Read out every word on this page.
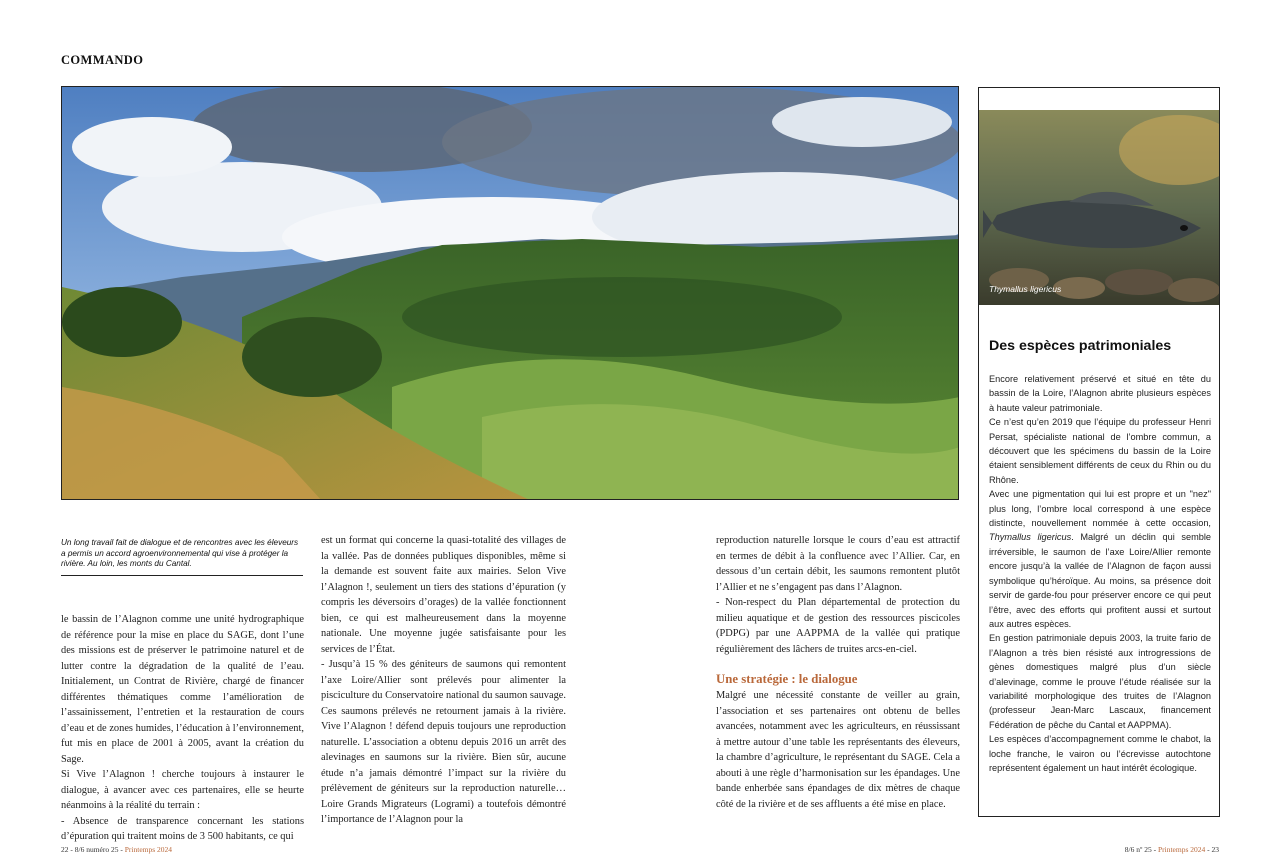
COMMANDO
Un long travail fait de dialogue et de rencontres avec les éleveurs a permis un accord agroenvironnemental qui vise à protéger la rivière. Au loin, les monts du Cantal.

le bassin de l’Alagnon comme une unité hydrographique de référence pour la mise en place du SAGE, dont l’une des missions est de préserver le patrimoine naturel et de lutter contre la dégradation de la qualité de l’eau. Initialement, un Contrat de Rivière, chargé de financer différentes thématiques comme l’amélioration de l’assainissement, l’entretien et la restauration de cours d’eau et de zones humides, l’éducation à l’environnement, fut mis en place de 2001 à 2005, avant la création du Sage.

Si Vive l’Alagnon ! cherche toujours à instaurer le dialogue, à avancer avec ces partenaires, elle se heurte néanmoins à la réalité du terrain :

- Absence de transparence concernant les stations d’épuration qui traitent moins de 3 500 habitants, ce qui

est un format qui concerne la quasi-totalité des villages de la vallée. Pas de données publiques disponibles, même si la demande est souvent faite aux mairies. Selon Vive l’Alagnon !, seulement un tiers des stations d’épuration (y compris les déversoirs d’orages) de la vallée fonctionnent bien, ce qui est malheureusement dans la moyenne nationale. Une moyenne jugée satisfaisante pour les services de l’État.

- Jusqu’à 15 % des géniteurs de saumons qui remontent l’axe Loire/Allier sont prélevés pour alimenter la pisciculture du Conservatoire national du saumon sauvage. Ces saumons prélevés ne retournent jamais à la rivière. Vive l’Alagnon ! défend depuis toujours une reproduction naturelle. L’association a obtenu depuis 2016 un arrêt des alevinages en saumons sur la rivière. Bien sûr, aucune étude n’a jamais démontré l’impact sur la rivière du prélèvement de géniteurs sur la reproduction naturelle… Loire Grands Migrateurs (Logrami) a toutefois démontré l’importance de l’Alagnon pour la

reproduction naturelle lorsque le cours d’eau est attractif en termes de débit à la confluence avec l’Allier. Car, en dessous d’un certain débit, les saumons remontent plutôt l’Allier et ne s’engagent pas dans l’Alagnon.

- Non-respect du Plan départemental de protection du milieu aquatique et de gestion des ressources piscicoles (PDPG) par une AAPPMA de la vallée qui pratique régulièrement des lâchers de truites arcs-en-ciel.

Une stratégie : le dialogue

Malgré une nécessité constante de veiller au grain, l’association et ses partenaires ont obtenu de belles avancées, notamment avec les agriculteurs, en réussissant à mettre autour d’une table les représentants des éleveurs, la chambre d’agriculture, le représentant du SAGE. Cela a abouti à une règle d’harmonisation sur les épandages. Une bande enherbée sans épandages de dix mètres de chaque côté de la rivière et de ses affluents a été mise en place.

Thymallus ligericus
Des espèces patrimoniales

Encore relativement préservé et situé en tête du bassin de la Loire, l’Alagnon abrite plusieurs espèces à haute valeur patrimoniale.

Ce n’est qu’en 2019 que l’équipe du professeur Henri Persat, spécialiste national de l’ombre commun, a découvert que les spécimens du bassin de la Loire étaient sensiblement différents de ceux du Rhin ou du Rhône.

Avec une pigmentation qui lui est propre et un "nez" plus long, l’ombre local correspond à une espèce distincte, nouvellement nommée à cette occasion, Thymallus ligericus. Malgré un déclin qui semble irréversible, le saumon de l’axe Loire/Allier remonte encore jusqu’à la vallée de l’Alagnon de façon aussi symbolique qu’héroïque. Au moins, sa présence doit servir de garde-fou pour préserver encore ce qui peut l’être, avec des efforts qui profitent aussi et surtout aux autres espèces.

En gestion patrimoniale depuis 2003, la truite fario de l’Alagnon a très bien résisté aux introgressions de gènes domestiques malgré plus d’un siècle d’alevinage, comme le prouve l’étude réalisée sur la variabilité morphologique des truites de l’Alagnon (professeur Jean-Marc Lascaux, financement Fédération de pêche du Cantal et AAPPMA).

Les espèces d’accompagnement comme le chabot, la loche franche, le vairon ou l’écrevisse autochtone représentent également un haut intérêt écologique.

22 - 8/6 numéro 25 - Printemps 2024	8/6 nº 25 - Printemps 2024 - 23
